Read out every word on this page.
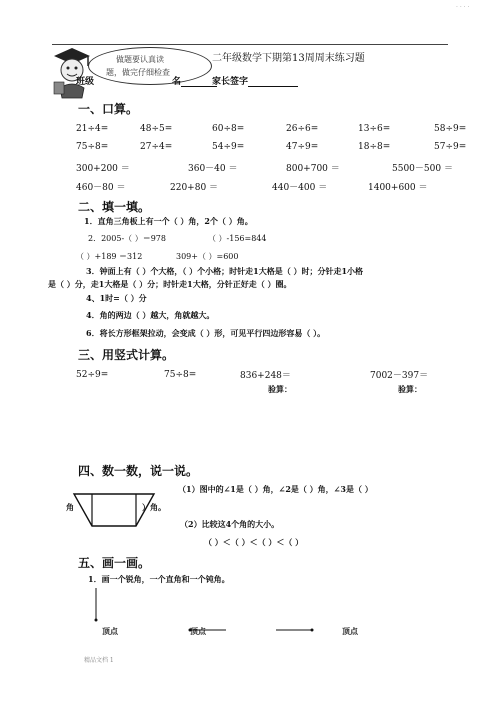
· · · ·
做题要认真读
题，做完仔细检查
二年级数学下期第13周周末练习题
班级	名	家长签字
一、口算。
21÷4=	48÷5=	60÷8=	26÷6=	13÷6=	58÷9=
75÷8=	27÷4=	54÷9=	47÷9=	18÷8=	57÷9=
300+200 ＝	360－40 ＝	800+700 ＝	5500－500 ＝
460－80 ＝	220+80 ＝	440－400 ＝	1400+600 ＝
二、填一填。
1．直角三角板上有一个（ ）角，2个（ ）角。
2．2005-（ ）＝978	（ ）-156=844
（ ）+189 ＝312	309+（ ）=600
3．钟面上有（ ）个大格，（ ）个小格；时针走1大格是（ ）时；分针走1小格
是（ ）分，走1大格是（ ）分；时针走1大格，分针正好走（ ）圈。
4、1时=（ ）分
4．角的两边（ ）越大，角就越大。
6．将长方形框架拉动，会变成（ ）形，可见平行四边形容易（ ）。
三、用竖式计算。
52÷9=	75÷8=	836+248＝	7002－397＝
验算：	验算：
四、数一数，说一说。
（1）图中的∠1是（ ）角，∠2是（ ）角，∠3是（ ）
角	）角。
（2）比较这4个角的大小。
（ ）＜（ ）＜（ ）＜（ ）
五、画一画。
1．画一个锐角，一个直角和一个钝角。
顶点	顶点	顶点
精品文档 1
